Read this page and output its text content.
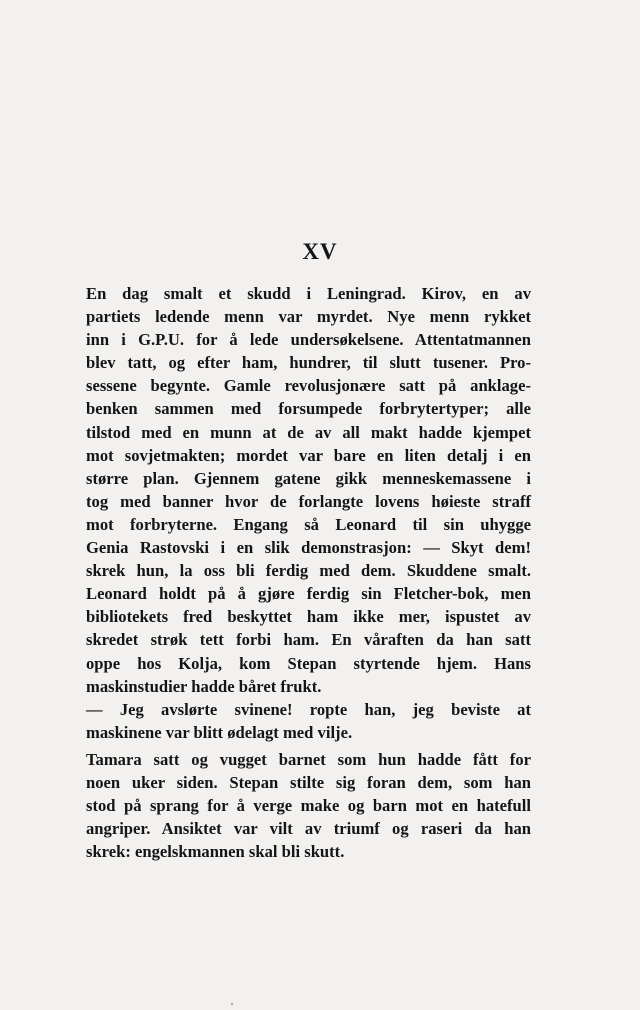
XV
En dag smalt et skudd i Leningrad. Kirov, en av
partiets ledende menn var myrdet. Nye menn rykket
inn i G.P.U. for å lede undersøkelsene. Attentatmannen
blev tatt, og efter ham, hundrer, til slutt tusener. Pro-
sessene begynte. Gamle revolusjonære satt på anklage-
benken sammen med forsumpede forbrytertyper; alle
tilstod med en munn at de av all makt hadde kjempet
mot sovjetmakten; mordet var bare en liten detalj i en
større plan. Gjennem gatene gikk menneskemassene i
tog med banner hvor de forlangte lovens høieste straff
mot forbryterne. Engang så Leonard til sin uhygge
Genia Rastovski i en slik demonstrasjon: — Skyt dem!
skrek hun, la oss bli ferdig med dem. Skuddene smalt.
Leonard holdt på å gjøre ferdig sin Fletcher-bok, men
bibliotekets fred beskyttet ham ikke mer, ispustet av
skredet strøk tett forbi ham. En våraften da han satt
oppe hos Kolja, kom Stepan styrtende hjem. Hans
maskinstudier hadde båret frukt.
— Jeg avslørte svinene! ropte han, jeg beviste at
maskinene var blitt ødelagt med vilje.
Tamara satt og vugget barnet som hun hadde fått for
noen uker siden. Stepan stilte sig foran dem, som han
stod på sprang for å verge make og barn mot en hatefull
angriper. Ansiktet var vilt av triumf og raseri da han
skrek: engelskmannen skal bli skutt.
